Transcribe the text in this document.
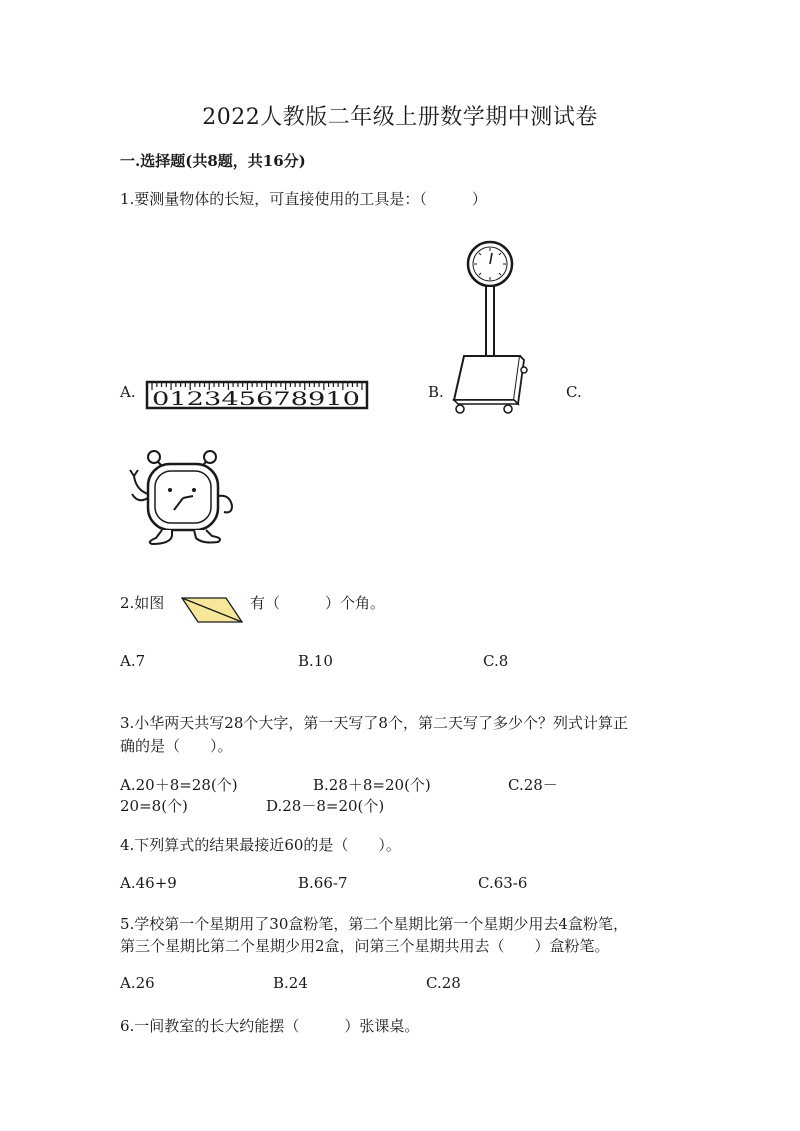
2022人教版二年级上册数学期中测试卷
一.选择题(共8题，共16分)
1.要测量物体的长短，可直接使用的工具是：（　　　）
A. 012345678910	B.	C.
2.如图	有（　　　）个角。
A.7	B.10	C.8
3.小华两天共写28个大字，第一天写了8个，第二天写了多少个？列式计算正
确的是（　　）。
A.20＋8=28(个)	B.28＋8=20(个)	C.28－
20=8(个)	D.28－8=20(个)
4.下列算式的结果最接近60的是（　　）。
A.46+9	B.66-7	C.63-6
5.学校第一个星期用了30盒粉笔，第二个星期比第一个星期少用去4盒粉笔，
第三个星期比第二个星期少用2盒，问第三个星期共用去（　　）盒粉笔。
A.26	B.24	C.28
6.一间教室的长大约能摆（　　　）张课桌。
